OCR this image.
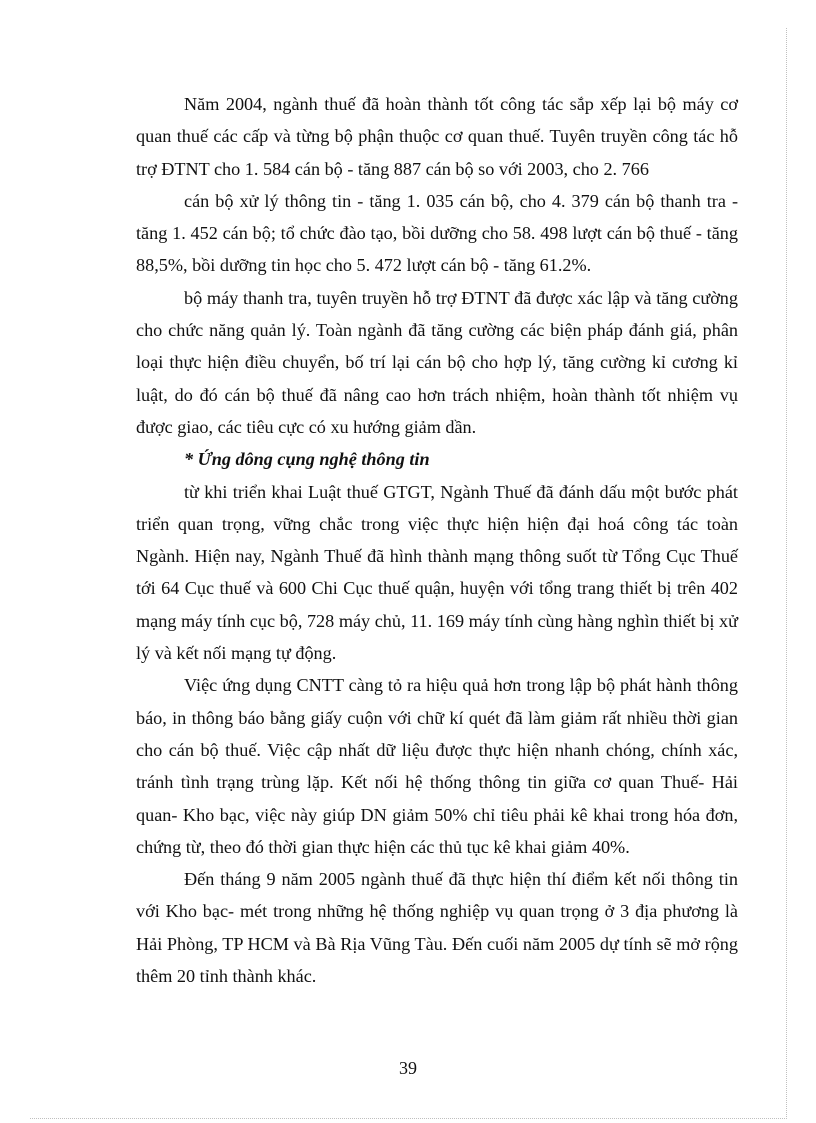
Năm 2004, ngành thuế đã hoàn thành tốt công tác sắp xếp lại bộ máy cơ quan thuế các cấp và từng bộ phận thuộc cơ quan thuế. Tuyên truyền công tác hỗ trợ ĐTNT cho 1. 584 cán bộ - tăng 887 cán bộ so với 2003, cho 2. 766

cán bộ xử lý thông tin - tăng 1. 035 cán bộ, cho 4. 379 cán bộ thanh tra - tăng 1. 452 cán bộ; tổ chức đào tạo, bồi dưỡng cho 58. 498 lượt cán bộ thuế - tăng 88,5%, bồi dưỡng tin học cho 5. 472 lượt cán bộ - tăng 61.2%.

bộ máy thanh tra, tuyên truyền hỗ trợ ĐTNT đã được xác lập và tăng cường cho chức năng quản lý. Toàn ngành đã tăng cường các biện pháp đánh giá, phân loại thực hiện điều chuyển, bố trí lại cán bộ cho hợp lý, tăng cường kỉ cương kỉ luật, do đó cán bộ thuế đã nâng cao hơn trách nhiệm, hoàn thành tốt nhiệm vụ được giao, các tiêu cực có xu hướng giảm dần.

* Ứng dông cụng nghệ thông tin

từ khi triển khai Luật thuế GTGT, Ngành Thuế đã đánh dấu một bước phát triển quan trọng, vững chắc trong việc thực hiện hiện đại hoá công tác toàn Ngành. Hiện nay, Ngành Thuế đã hình thành mạng thông suốt từ Tổng Cục Thuế tới 64 Cục thuế và 600 Chi Cục thuế quận, huyện với tổng trang thiết bị trên 402 mạng máy tính cục bộ, 728 máy chủ, 11. 169 máy tính cùng hàng nghìn thiết bị xử lý và kết nối mạng tự động.

Việc ứng dụng CNTT càng tỏ ra hiệu quả hơn trong lập bộ phát hành thông báo, in thông báo bằng giấy cuộn với chữ kí quét đã làm giảm rất nhiều thời gian cho cán bộ thuế. Việc cập nhất dữ liệu được thực hiện nhanh chóng, chính xác, tránh tình trạng trùng lặp. Kết nối hệ thống thông tin giữa cơ quan Thuế- Hải quan- Kho bạc, việc này giúp DN giảm 50% chỉ tiêu phải kê khai trong hóa đơn, chứng từ, theo đó thời gian thực hiện các thủ tục kê khai giảm 40%.

Đến tháng 9 năm 2005 ngành thuế đã thực hiện thí điểm kết nối thông tin với Kho bạc- mét trong những hệ thống nghiệp vụ quan trọng ở 3 địa phương là Hải Phòng, TP HCM và Bà Rịa Vũng Tàu. Đến cuối năm 2005 dự tính sẽ mở rộng thêm 20 tỉnh thành khác.

39
